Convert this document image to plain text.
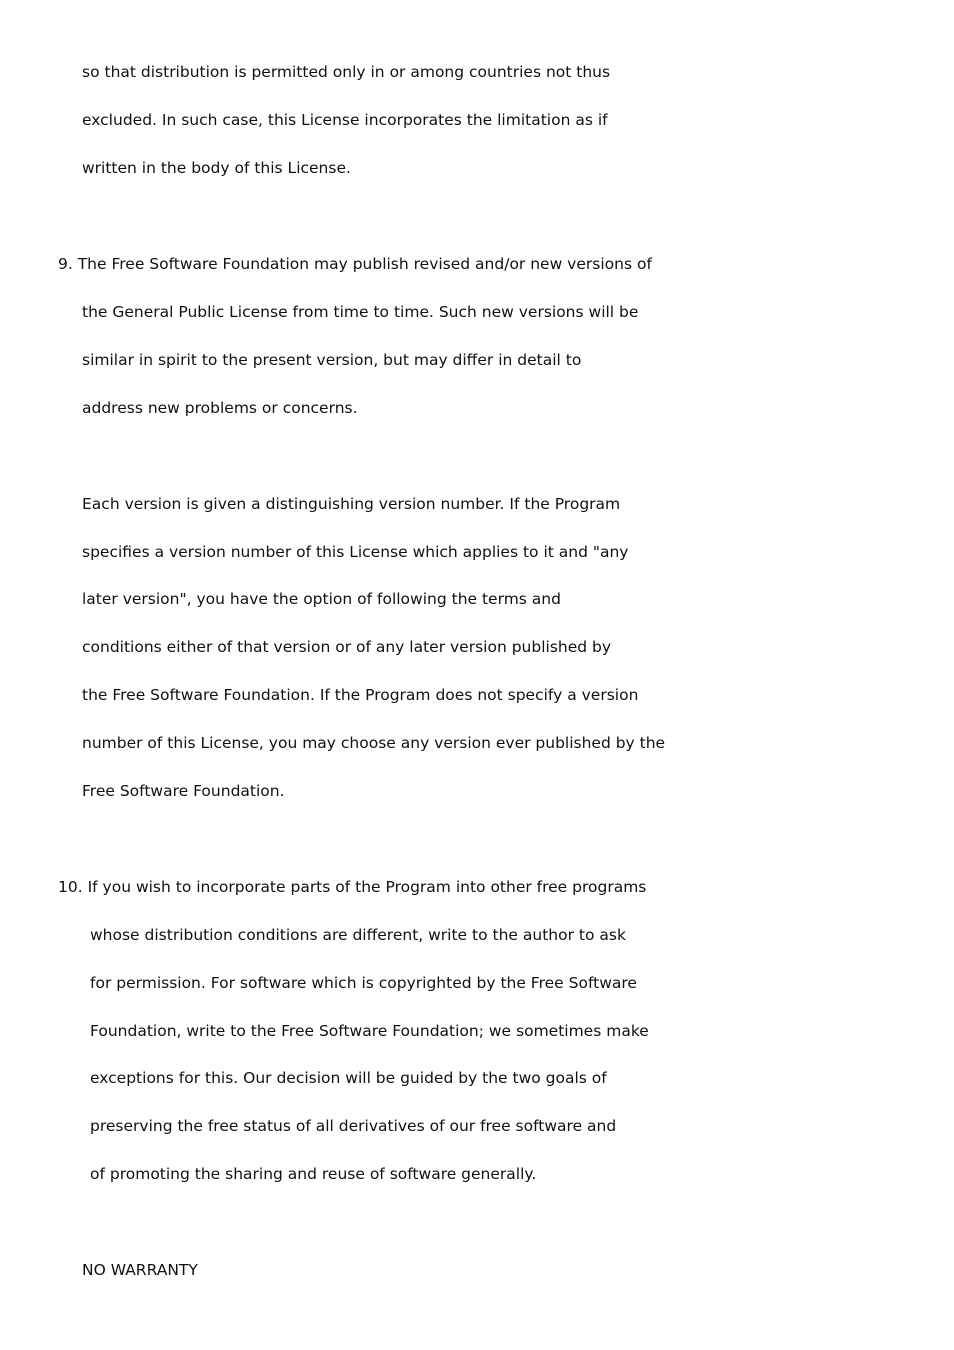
so that distribution is permitted only in or among countries not thus
excluded. In such case, this License incorporates the limitation as if
written in the body of this License.
9. The Free Software Foundation may publish revised and/or new versions of
the General Public License from time to time. Such new versions will be
similar in spirit to the present version, but may differ in detail to
address new problems or concerns.
Each version is given a distinguishing version number. If the Program
specifies a version number of this License which applies to it and "any
later version", you have the option of following the terms and
conditions either of that version or of any later version published by
the Free Software Foundation. If the Program does not specify a version
number of this License, you may choose any version ever published by the
Free Software Foundation.
10. If you wish to incorporate parts of the Program into other free programs
whose distribution conditions are different, write to the author to ask
for permission. For software which is copyrighted by the Free Software
Foundation, write to the Free Software Foundation; we sometimes make
exceptions for this. Our decision will be guided by the two goals of
preserving the free status of all derivatives of our free software and
of promoting the sharing and reuse of software generally.
NO WARRANTY
